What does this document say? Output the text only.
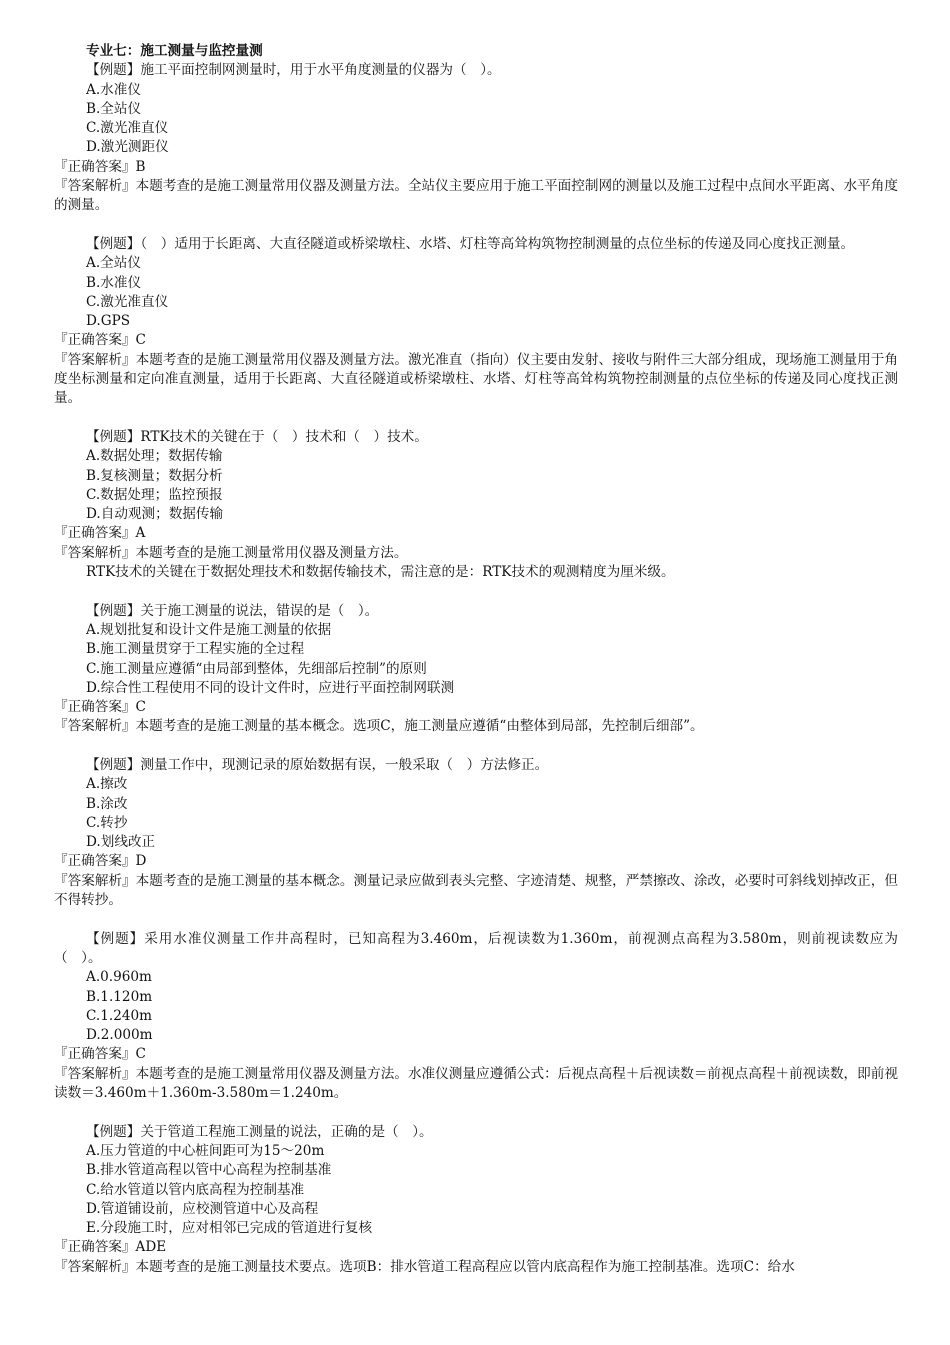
专业七：施工测量与监控量测
【例题】施工平面控制网测量时，用于水平角度测量的仪器为（　）。
A.水准仪
B.全站仪
C.激光准直仪
D.激光测距仪
『正确答案』B
『答案解析』本题考查的是施工测量常用仪器及测量方法。全站仪主要应用于施工平面控制网的测量以及施工过程中点间水平距离、水平角度的测量。
【例题】（　）适用于长距离、大直径隧道或桥梁墩柱、水塔、灯柱等高耸构筑物控制测量的点位坐标的传递及同心度找正测量。
A.全站仪
B.水准仪
C.激光准直仪
D.GPS
『正确答案』C
『答案解析』本题考查的是施工测量常用仪器及测量方法。激光准直（指向）仪主要由发射、接收与附件三大部分组成，现场施工测量用于角度坐标测量和定向准直测量，适用于长距离、大直径隧道或桥梁墩柱、水塔、灯柱等高耸构筑物控制测量的点位坐标的传递及同心度找正测量。
【例题】RTK技术的关键在于（　）技术和（　）技术。
A.数据处理；数据传输
B.复核测量；数据分析
C.数据处理；监控预报
D.自动观测；数据传输
『正确答案』A
『答案解析』本题考查的是施工测量常用仪器及测量方法。
RTK技术的关键在于数据处理技术和数据传输技术，需注意的是：RTK技术的观测精度为厘米级。
【例题】关于施工测量的说法，错误的是（　）。
A.规划批复和设计文件是施工测量的依据
B.施工测量贯穿于工程实施的全过程
C.施工测量应遵循“由局部到整体，先细部后控制”的原则
D.综合性工程使用不同的设计文件时，应进行平面控制网联测
『正确答案』C
『答案解析』本题考查的是施工测量的基本概念。选项C，施工测量应遵循“由整体到局部，先控制后细部”。
【例题】测量工作中，现测记录的原始数据有误，一般采取（　）方法修正。
A.擦改
B.涂改
C.转抄
D.划线改正
『正确答案』D
『答案解析』本题考查的是施工测量的基本概念。测量记录应做到表头完整、字迹清楚、规整，严禁擦改、涂改，必要时可斜线划掉改正，但不得转抄。
【例题】采用水准仪测量工作井高程时，已知高程为3.460m，后视读数为1.360m，前视测点高程为3.580m，则前视读数应为（　）。
A.0.960m
B.1.120m
C.1.240m
D.2.000m
『正确答案』C
『答案解析』本题考查的是施工测量常用仪器及测量方法。水准仪测量应遵循公式：后视点高程＋后视读数＝前视点高程＋前视读数，即前视读数＝3.460m＋1.360m-3.580m＝1.240m。
【例题】关于管道工程施工测量的说法，正确的是（　）。
A.压力管道的中心桩间距可为15～20m
B.排水管道高程以管中心高程为控制基准
C.给水管道以管内底高程为控制基准
D.管道铺设前，应校测管道中心及高程
E.分段施工时，应对相邻已完成的管道进行复核
『正确答案』ADE
『答案解析』本题考查的是施工测量技术要点。选项B：排水管道工程高程应以管内底高程作为施工控制基准。选项C：给水
